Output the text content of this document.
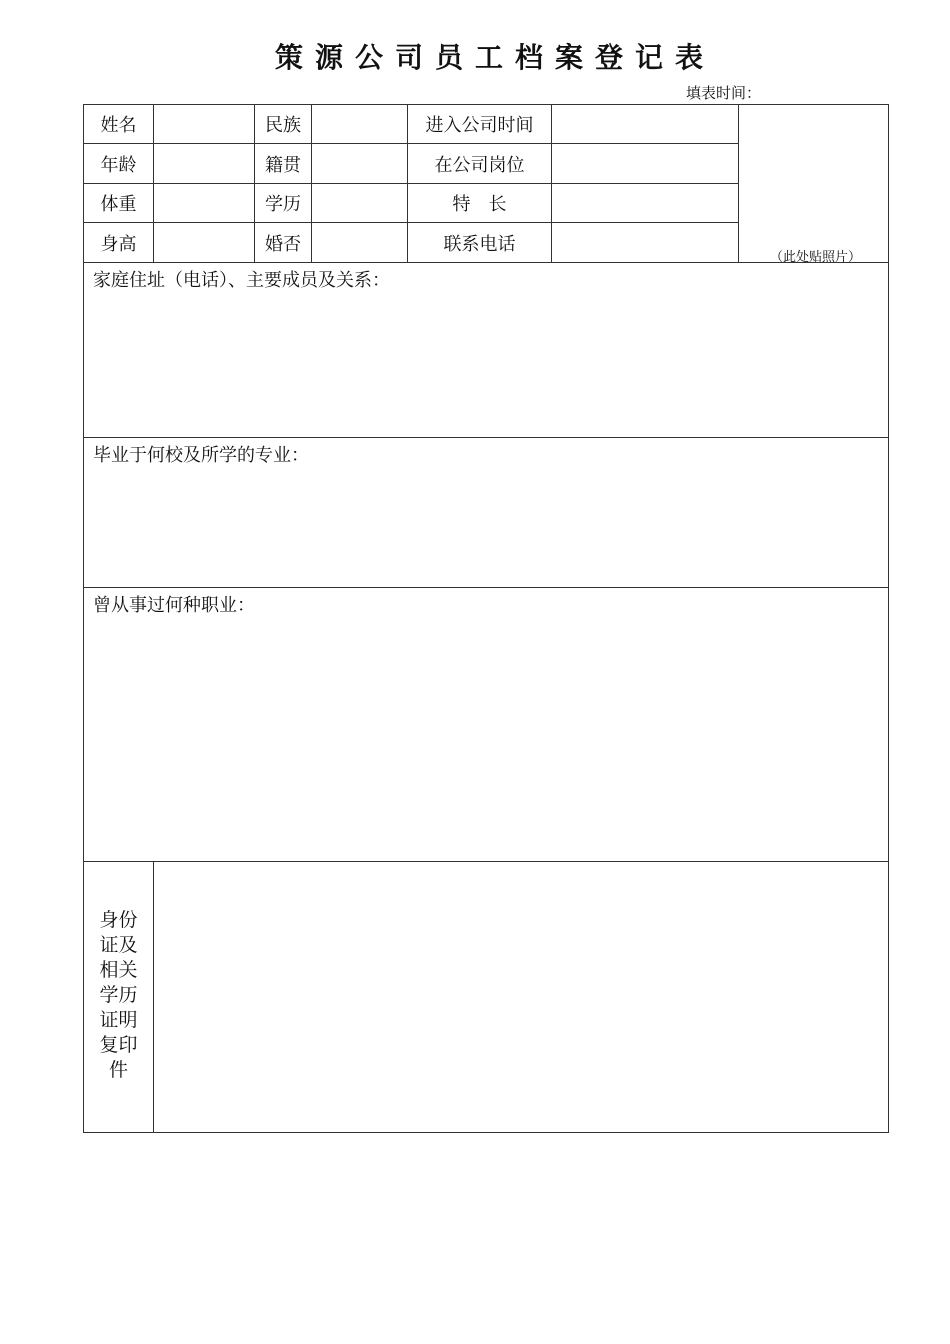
策源公司员工档案登记表
填表时间：
姓名	民族	进入公司时间
年龄	籍贯	在公司岗位
体重	学历	特　长
身高	婚否	联系电话
（此处贴照片）
家庭住址（电话）、主要成员及关系：
毕业于何校及所学的专业：
曾从事过何种职业：
身份
证及
相关
学历
证明
复印
件
